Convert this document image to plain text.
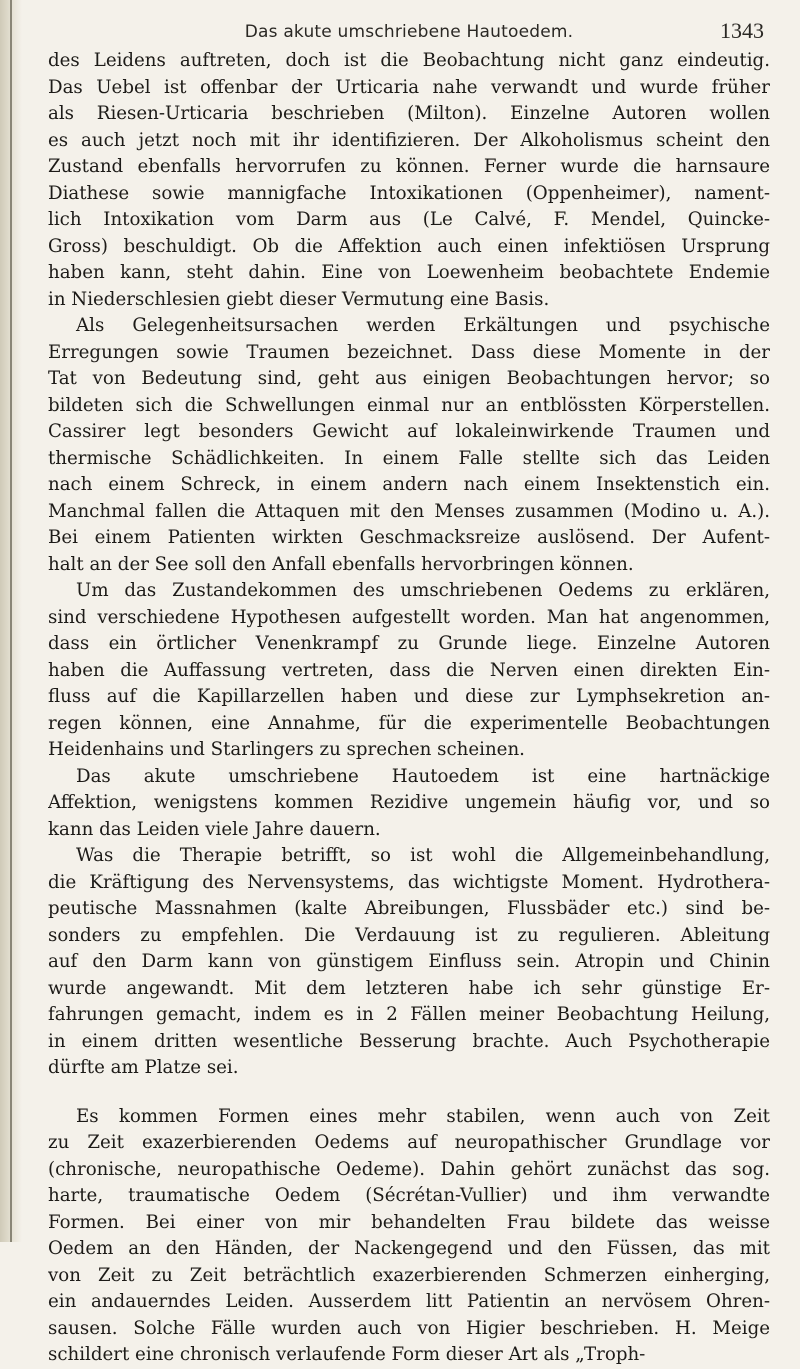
Das akute umschriebene Hautoedem.	1343
des Leidens auftreten, doch ist die Beobachtung nicht ganz eindeutig.
Das Uebel ist offenbar der Urticaria nahe verwandt und wurde früher
als Riesen-Urticaria beschrieben (Milton). Einzelne Autoren wollen
es auch jetzt noch mit ihr identifizieren. Der Alkoholismus scheint den
Zustand ebenfalls hervorrufen zu können. Ferner wurde die harnsaure
Diathese sowie mannigfache Intoxikationen (Oppenheimer), nament-
lich Intoxikation vom Darm aus (Le Calvé, F. Mendel, Quincke-
Gross) beschuldigt. Ob die Affektion auch einen infektiösen Ursprung
haben kann, steht dahin. Eine von Loewenheim beobachtete Endemie
in Niederschlesien giebt dieser Vermutung eine Basis.
Als Gelegenheitsursachen werden Erkältungen und psychische
Erregungen sowie Traumen bezeichnet. Dass diese Momente in der
Tat von Bedeutung sind, geht aus einigen Beobachtungen hervor; so
bildeten sich die Schwellungen einmal nur an entblössten Körperstellen.
Cassirer legt besonders Gewicht auf lokaleinwirkende Traumen und
thermische Schädlichkeiten. In einem Falle stellte sich das Leiden
nach einem Schreck, in einem andern nach einem Insektenstich ein.
Manchmal fallen die Attaquen mit den Menses zusammen (Modino u. A.).
Bei einem Patienten wirkten Geschmacksreize auslösend. Der Aufent-
halt an der See soll den Anfall ebenfalls hervorbringen können.
Um das Zustandekommen des umschriebenen Oedems zu erklären,
sind verschiedene Hypothesen aufgestellt worden. Man hat angenommen,
dass ein örtlicher Venenkrampf zu Grunde liege. Einzelne Autoren
haben die Auffassung vertreten, dass die Nerven einen direkten Ein-
fluss auf die Kapillarzellen haben und diese zur Lymphsekretion an-
regen können, eine Annahme, für die experimentelle Beobachtungen
Heidenhains und Starlingers zu sprechen scheinen.
Das akute umschriebene Hautoedem ist eine hartnäckige
Affektion, wenigstens kommen Rezidive ungemein häufig vor, und so
kann das Leiden viele Jahre dauern.
Was die Therapie betrifft, so ist wohl die Allgemeinbehandlung,
die Kräftigung des Nervensystems, das wichtigste Moment. Hydrothera-
peutische Massnahmen (kalte Abreibungen, Flussbäder etc.) sind be-
sonders zu empfehlen. Die Verdauung ist zu regulieren. Ableitung
auf den Darm kann von günstigem Einfluss sein. Atropin und Chinin
wurde angewandt. Mit dem letzteren habe ich sehr günstige Er-
fahrungen gemacht, indem es in 2 Fällen meiner Beobachtung Heilung,
in einem dritten wesentliche Besserung brachte. Auch Psychotherapie
dürfte am Platze sei.
Es kommen Formen eines mehr stabilen, wenn auch von Zeit
zu Zeit exazerbierenden Oedems auf neuropathischer Grundlage vor
(chronische, neuropathische Oedeme). Dahin gehört zunächst das sog.
harte, traumatische Oedem (Sécrétan-Vullier) und ihm verwandte
Formen. Bei einer von mir behandelten Frau bildete das weisse
Oedem an den Händen, der Nackengegend und den Füssen, das mit
von Zeit zu Zeit beträchtlich exazerbierenden Schmerzen einherging,
ein andauerndes Leiden. Ausserdem litt Patientin an nervösem Ohren-
sausen. Solche Fälle wurden auch von Higier beschrieben. H. Meige
schildert eine chronisch verlaufende Form dieser Art als „Troph-
